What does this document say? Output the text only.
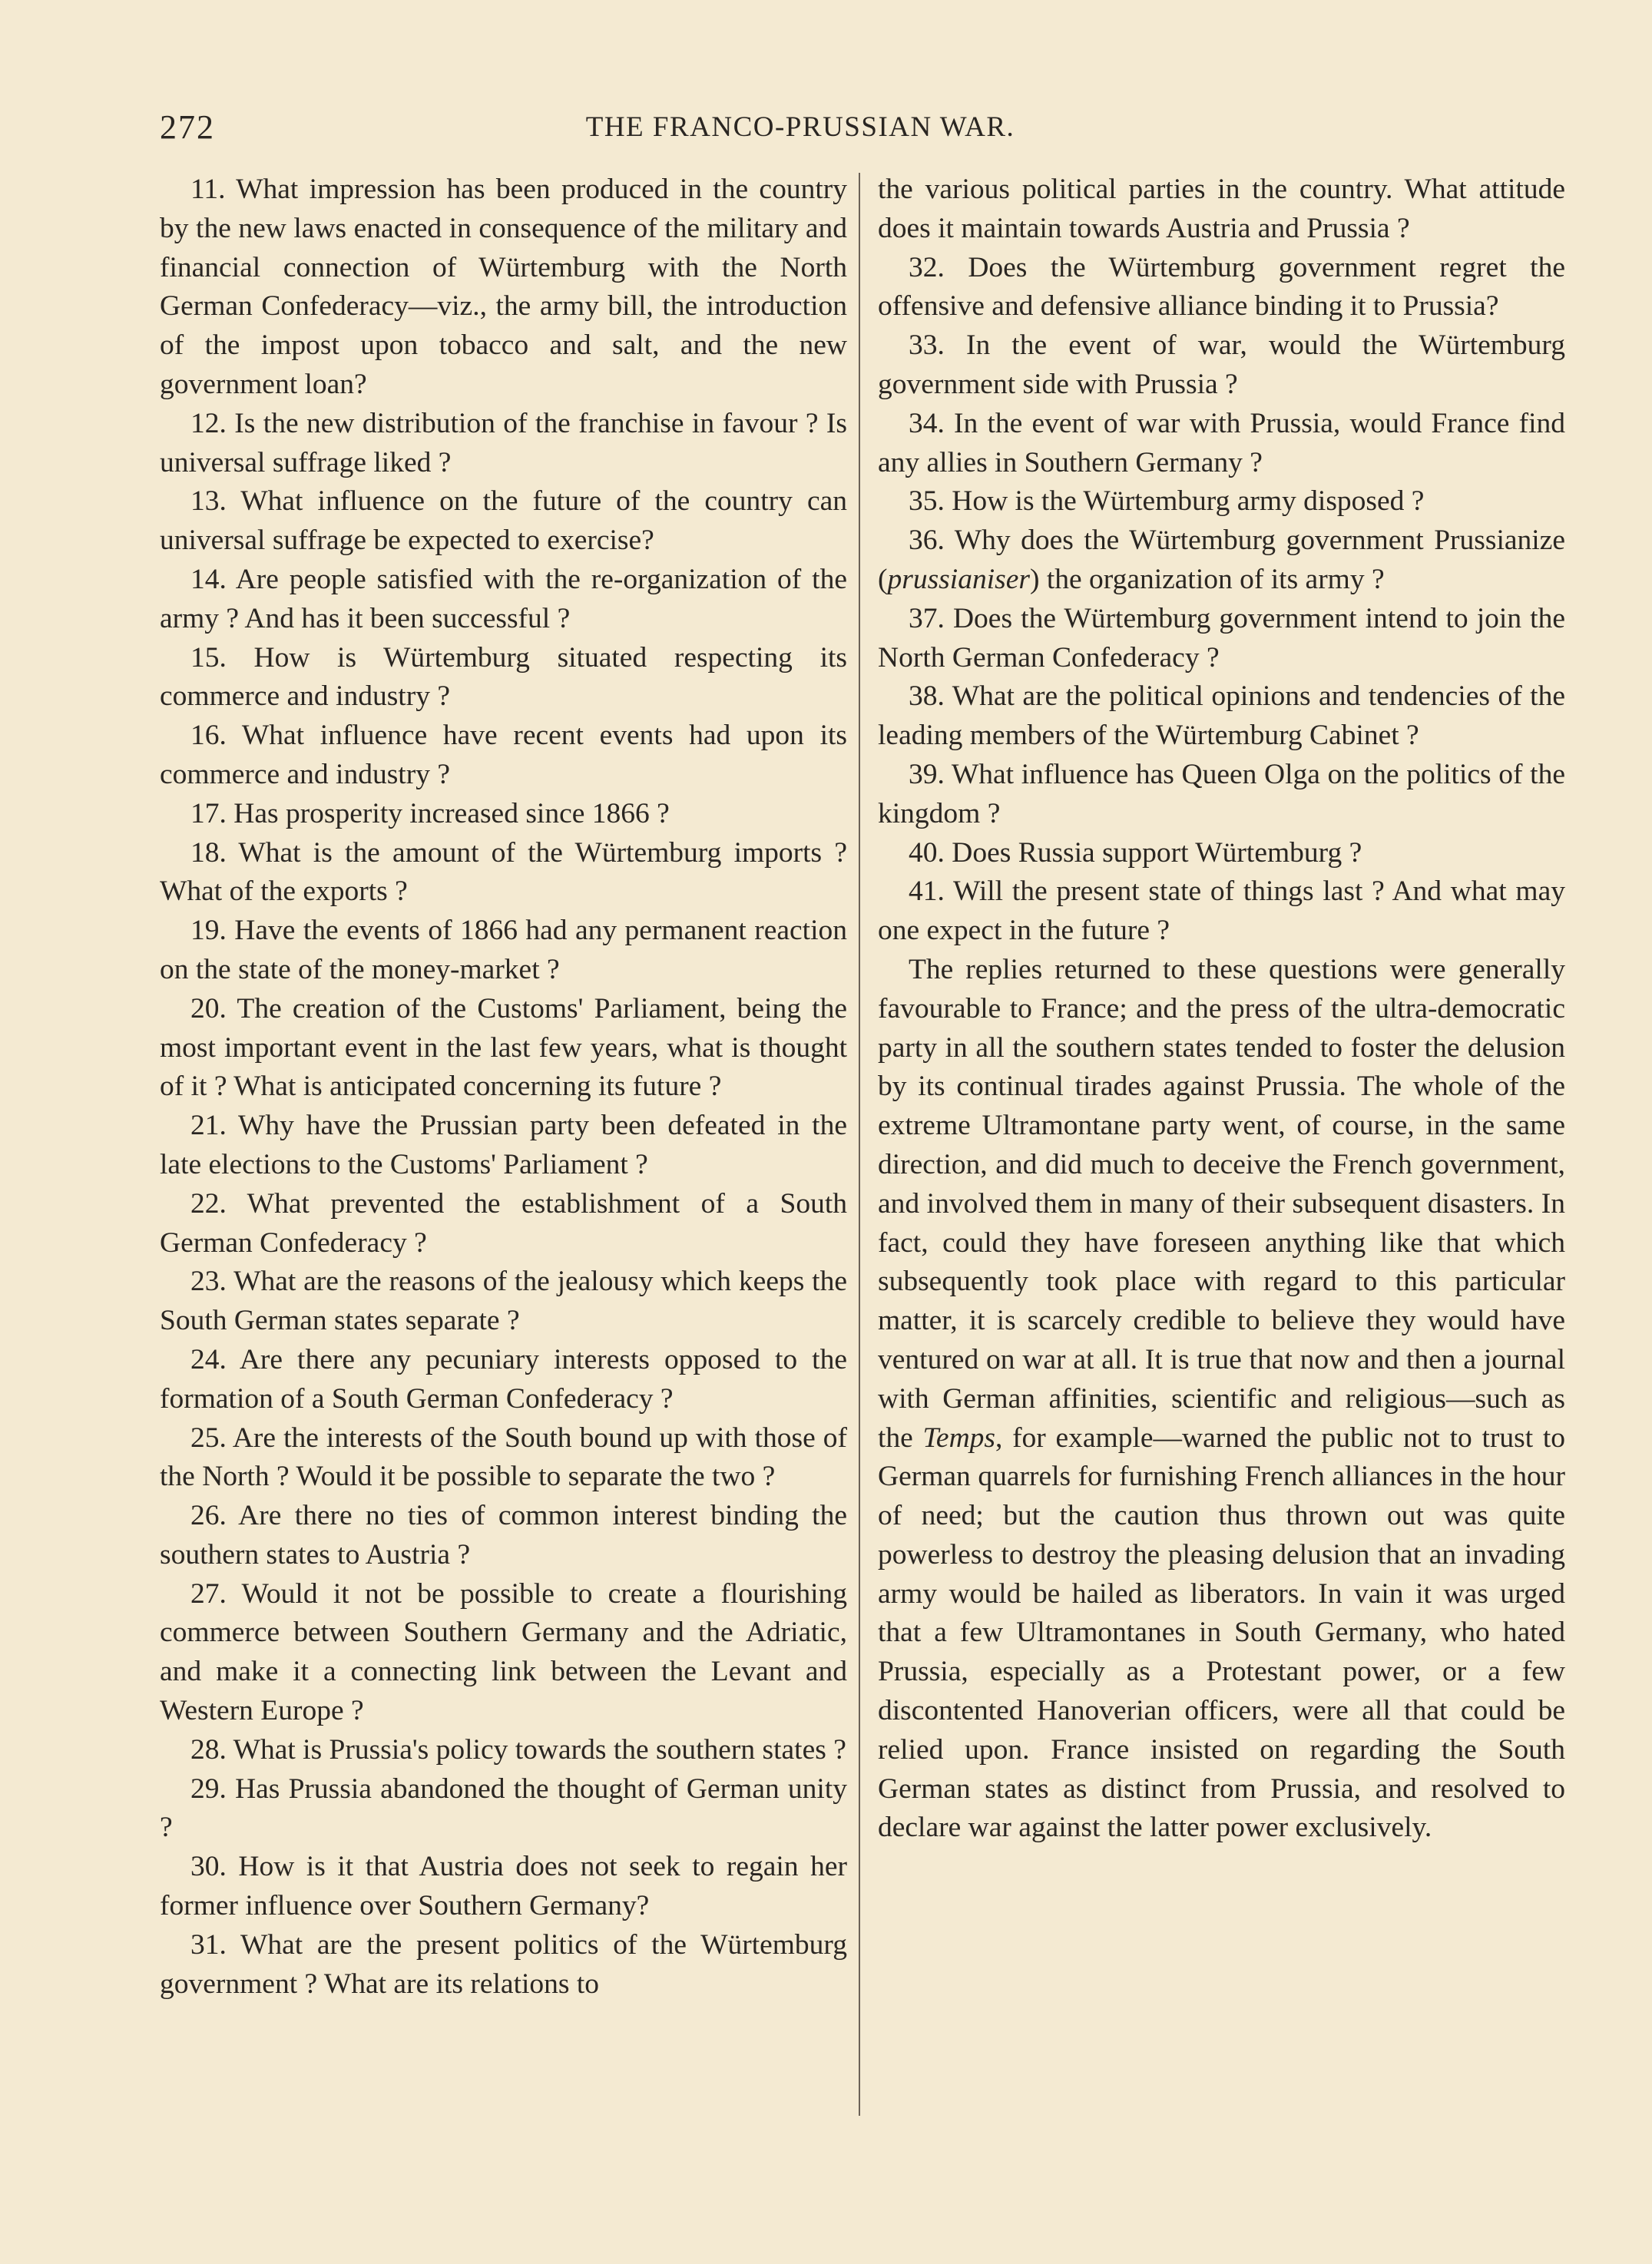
272	THE FRANCO-PRUSSIAN WAR.

11. What impression has been produced in the country by the new laws enacted in consequence of the military and financial connection of Würtemburg with the North German Confederacy—viz., the army bill, the introduction of the impost upon tobacco and salt, and the new government loan?

12. Is the new distribution of the franchise in favour ? Is universal suffrage liked ?

13. What influence on the future of the country can universal suffrage be expected to exercise?

14. Are people satisfied with the re-organization of the army ? And has it been successful ?

15. How is Würtemburg situated respecting its commerce and industry ?

16. What influence have recent events had upon its commerce and industry ?

17. Has prosperity increased since 1866 ?

18. What is the amount of the Würtemburg imports ? What of the exports ?

19. Have the events of 1866 had any permanent reaction on the state of the money-market ?

20. The creation of the Customs' Parliament, being the most important event in the last few years, what is thought of it ? What is anticipated concerning its future ?

21. Why have the Prussian party been defeated in the late elections to the Customs' Parliament ?

22. What prevented the establishment of a South German Confederacy ?

23. What are the reasons of the jealousy which keeps the South German states separate ?

24. Are there any pecuniary interests opposed to the formation of a South German Confederacy ?

25. Are the interests of the South bound up with those of the North ? Would it be possible to separate the two ?

26. Are there no ties of common interest binding the southern states to Austria ?

27. Would it not be possible to create a flourishing commerce between Southern Germany and the Adriatic, and make it a connecting link between the Levant and Western Europe ?

28. What is Prussia's policy towards the southern states ?

29. Has Prussia abandoned the thought of German unity ?

30. How is it that Austria does not seek to regain her former influence over Southern Germany?

31. What are the present politics of the Würtemburg government ? What are its relations to

the various political parties in the country. What attitude does it maintain towards Austria and Prussia ?

32. Does the Würtemburg government regret the offensive and defensive alliance binding it to Prussia?

33. In the event of war, would the Würtemburg government side with Prussia ?

34. In the event of war with Prussia, would France find any allies in Southern Germany ?

35. How is the Würtemburg army disposed ?

36. Why does the Würtemburg government Prussianize (prussianiser) the organization of its army ?

37. Does the Würtemburg government intend to join the North German Confederacy ?

38. What are the political opinions and tendencies of the leading members of the Würtemburg Cabinet ?

39. What influence has Queen Olga on the politics of the kingdom ?

40. Does Russia support Würtemburg ?

41. Will the present state of things last ? And what may one expect in the future ?

The replies returned to these questions were generally favourable to France; and the press of the ultra-democratic party in all the southern states tended to foster the delusion by its continual tirades against Prussia. The whole of the extreme Ultramontane party went, of course, in the same direction, and did much to deceive the French government, and involved them in many of their subsequent disasters. In fact, could they have foreseen anything like that which subsequently took place with regard to this particular matter, it is scarcely credible to believe they would have ventured on war at all. It is true that now and then a journal with German affinities, scientific and religious—such as the Temps, for example—warned the public not to trust to German quarrels for furnishing French alliances in the hour of need; but the caution thus thrown out was quite powerless to destroy the pleasing delusion that an invading army would be hailed as liberators. In vain it was urged that a few Ultramontanes in South Germany, who hated Prussia, especially as a Protestant power, or a few discontented Hanoverian officers, were all that could be relied upon. France insisted on regarding the South German states as distinct from Prussia, and resolved to declare war against the latter power exclusively.
